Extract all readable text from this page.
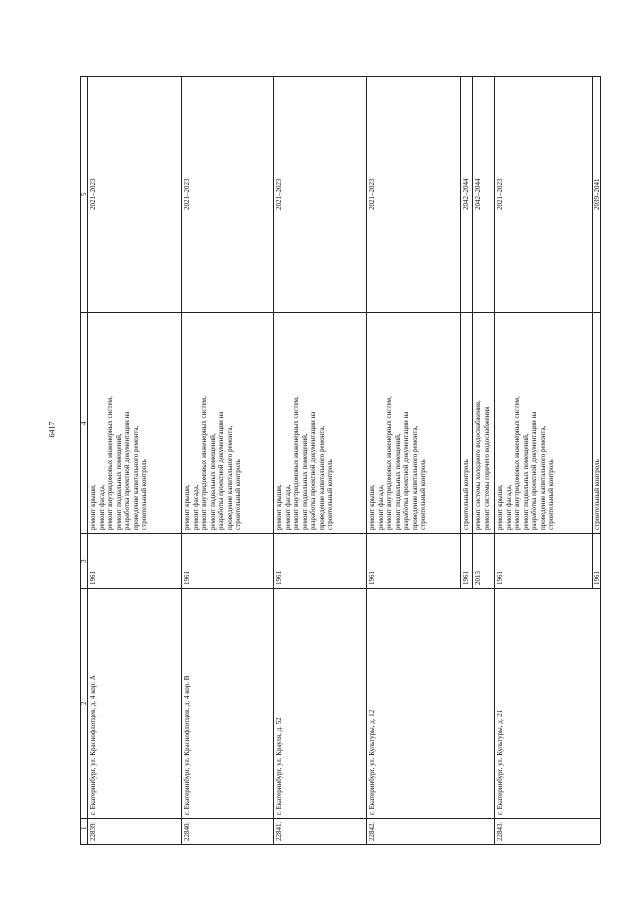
6417
1
2
3
4
5
22839.
г. Екатеринбург, ул. Краснофлотцев, д. 4 кор. А
1961
ремонт крыши, ремонт фасада, ремонт внутридомовых инженерных систем, ремонт подвальных помещений, разработка проектной документации на проведение капитального ремонта, строительный контроль
2021–2023
22840.
г. Екатеринбург, ул. Краснофлотцев, д. 4 кор. В
1961
ремонт крыши, ремонт фасада, ремонт внутридомовых инженерных систем, ремонт подвальных помещений, разработка проектной документации на проведение капитального ремонта, строительный контроль
2021–2023
22841.
г. Екатеринбург, ул. Крауля, д. 52
1961
ремонт крыши, ремонт фасада, ремонт внутридомовых инженерных систем, ремонт подвальных помещений, разработка проектной документации на проведение капитального ремонта, строительный контроль
2021–2023
22842.
г. Екатеринбург, ул. Культуры, д. 12
1961
ремонт крыши, ремонт фасада, ремонт внутридомовых инженерных систем, ремонт подвальных помещений, разработка проектной документации на проведение капитального ремонта, строительный контроль
2021–2023
1961
строительный контроль
2042–2044
2013
ремонт системы холодного водоснабжения,
2042–2044
ремонт системы горячего водоснабжения
22843.
г. Екатеринбург, ул. Культуры, д. 21
1961
ремонт крыши, ремонт фасада, ремонт внутридомовых инженерных систем, ремонт подвальных помещений, разработка проектной документации на проведение капитального ремонта, строительный контроль
2021–2023
1961
строительный контроль
2039–2041
